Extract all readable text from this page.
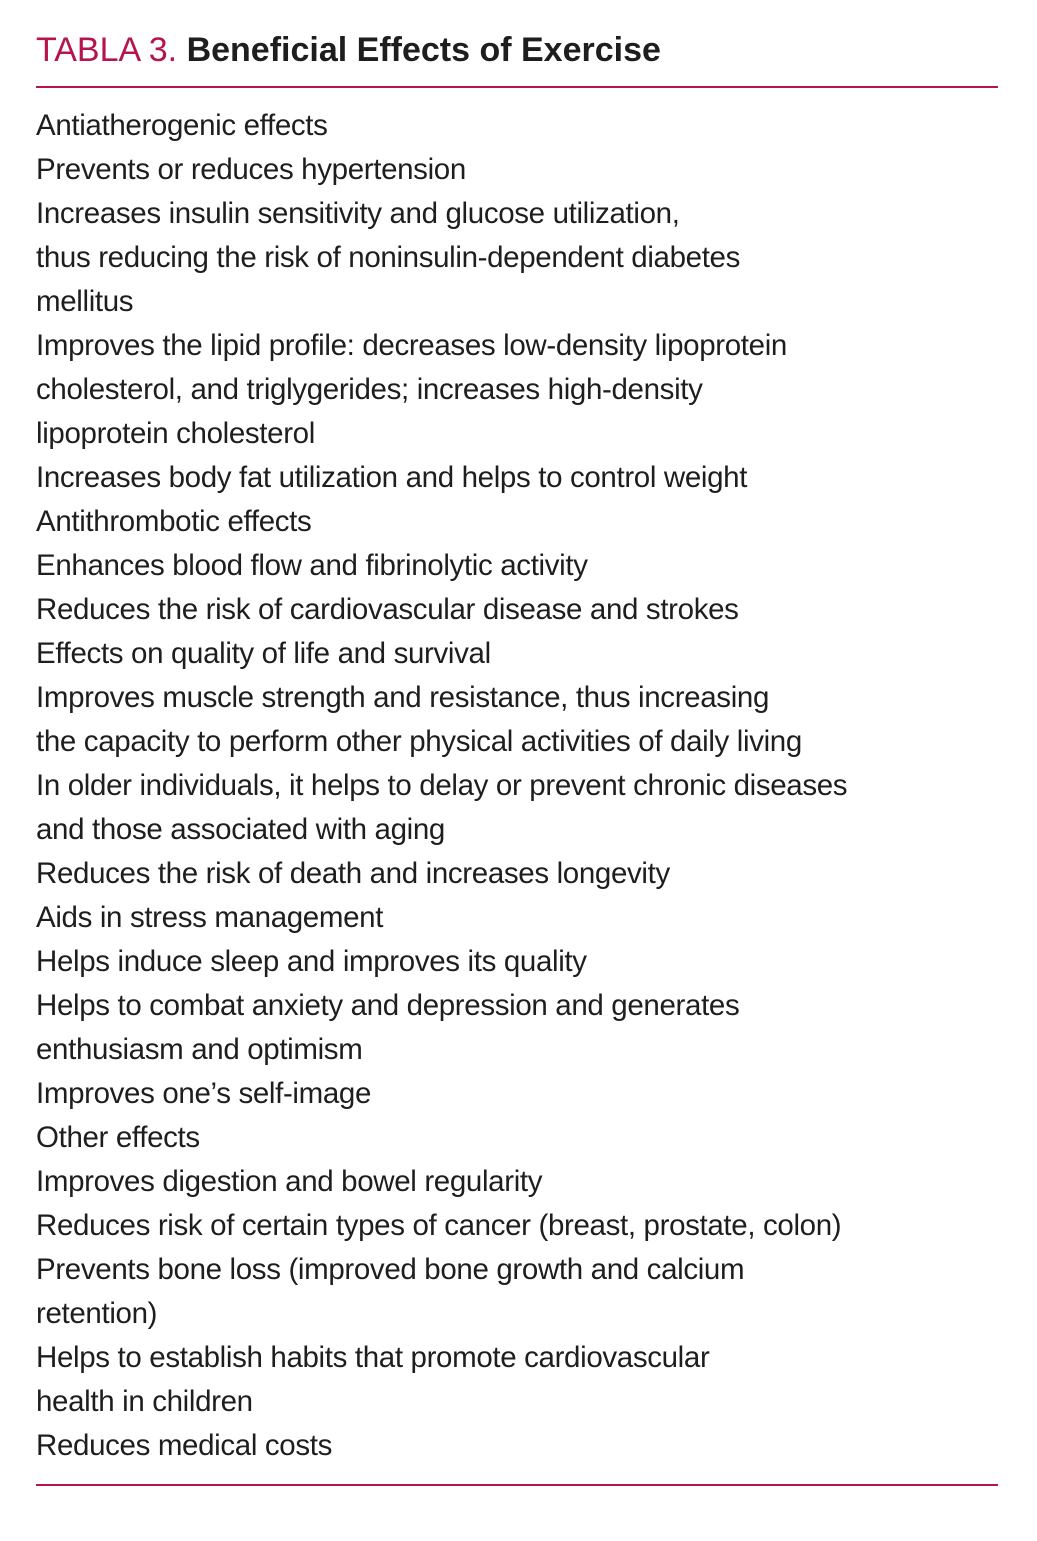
TABLA 3. Beneficial Effects of Exercise
Antiatherogenic effects
Prevents or reduces hypertension
Increases insulin sensitivity and glucose utilization,
thus reducing the risk of noninsulin-dependent diabetes
mellitus
Improves the lipid profile: decreases low-density lipoprotein
cholesterol, and triglygerides; increases high-density
lipoprotein cholesterol
Increases body fat utilization and helps to control weight
Antithrombotic effects
Enhances blood flow and fibrinolytic activity
Reduces the risk of cardiovascular disease and strokes
Effects on quality of life and survival
Improves muscle strength and resistance, thus increasing
the capacity to perform other physical activities of daily living
In older individuals, it helps to delay or prevent chronic diseases
and those associated with aging
Reduces the risk of death and increases longevity
Aids in stress management
Helps induce sleep and improves its quality
Helps to combat anxiety and depression and generates
enthusiasm and optimism
Improves one’s self-image
Other effects
Improves digestion and bowel regularity
Reduces risk of certain types of cancer (breast, prostate, colon)
Prevents bone loss (improved bone growth and calcium
retention)
Helps to establish habits that promote cardiovascular
health in children
Reduces medical costs
